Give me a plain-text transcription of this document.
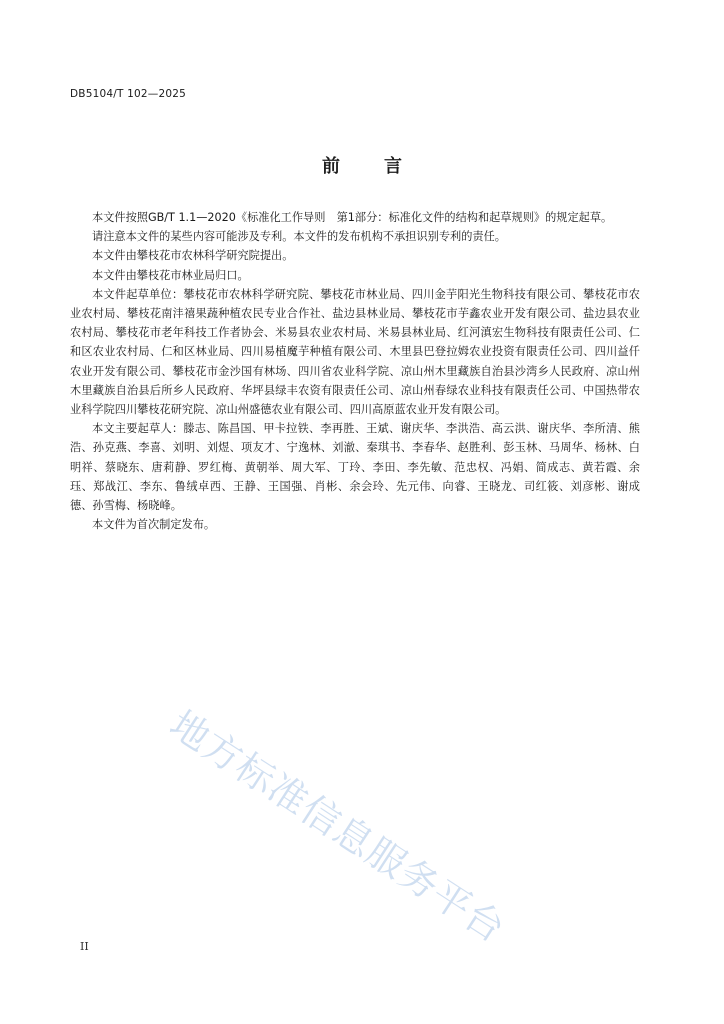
DB5104/T 102—2025
前言

本文件按照GB/T 1.1—2020《标准化工作导则　第1部分：标准化文件的结构和起草规则》的规定起草。

请注意本文件的某些内容可能涉及专利。本文件的发布机构不承担识别专利的责任。

本文件由攀枝花市农林科学研究院提出。

本文件由攀枝花市林业局归口。

本文件起草单位：攀枝花市农林科学研究院、攀枝花市林业局、四川金芋阳光生物科技有限公司、攀枝花市农业农村局、攀枝花南沣禧果蔬种植农民专业合作社、盐边县林业局、攀枝花市芋鑫农业开发有限公司、盐边县农业农村局、攀枝花市老年科技工作者协会、米易县农业农村局、米易县林业局、红河滇宏生物科技有限责任公司、仁和区农业农村局、仁和区林业局、四川易植魔芋种植有限公司、木里县巴登拉姆农业投资有限责任公司、四川益仟农业开发有限公司、攀枝花市金沙国有林场、四川省农业科学院、凉山州木里藏族自治县沙湾乡人民政府、凉山州木里藏族自治县后所乡人民政府、华坪县绿丰农资有限责任公司、凉山州春绿农业科技有限责任公司、中国热带农业科学院四川攀枝花研究院、凉山州盛德农业有限公司、四川高原蓝农业开发有限公司。

本文主要起草人：滕志、陈昌国、甲卡拉铁、李再胜、王斌、谢庆华、李洪浩、高云洪、谢庆华、李所清、熊浩、孙克燕、李喜、刘明、刘煜、项友才、宁逸林、刘澈、秦琪书、李春华、赵胜利、彭玉林、马周华、杨林、白明祥、蔡晓东、唐莉静、罗红梅、黄朝举、周大军、丁玲、李田、李先敏、范忠权、冯娟、简成志、黄若霞、余珏、郑战江、李东、鲁绒卓西、王静、王国强、肖彬、余会玲、先元伟、向睿、王晓龙、司红筱、刘彦彬、谢成德、孙雪梅、杨晓峰。

本文件为首次制定发布。

地方标准信息服务平台
II
